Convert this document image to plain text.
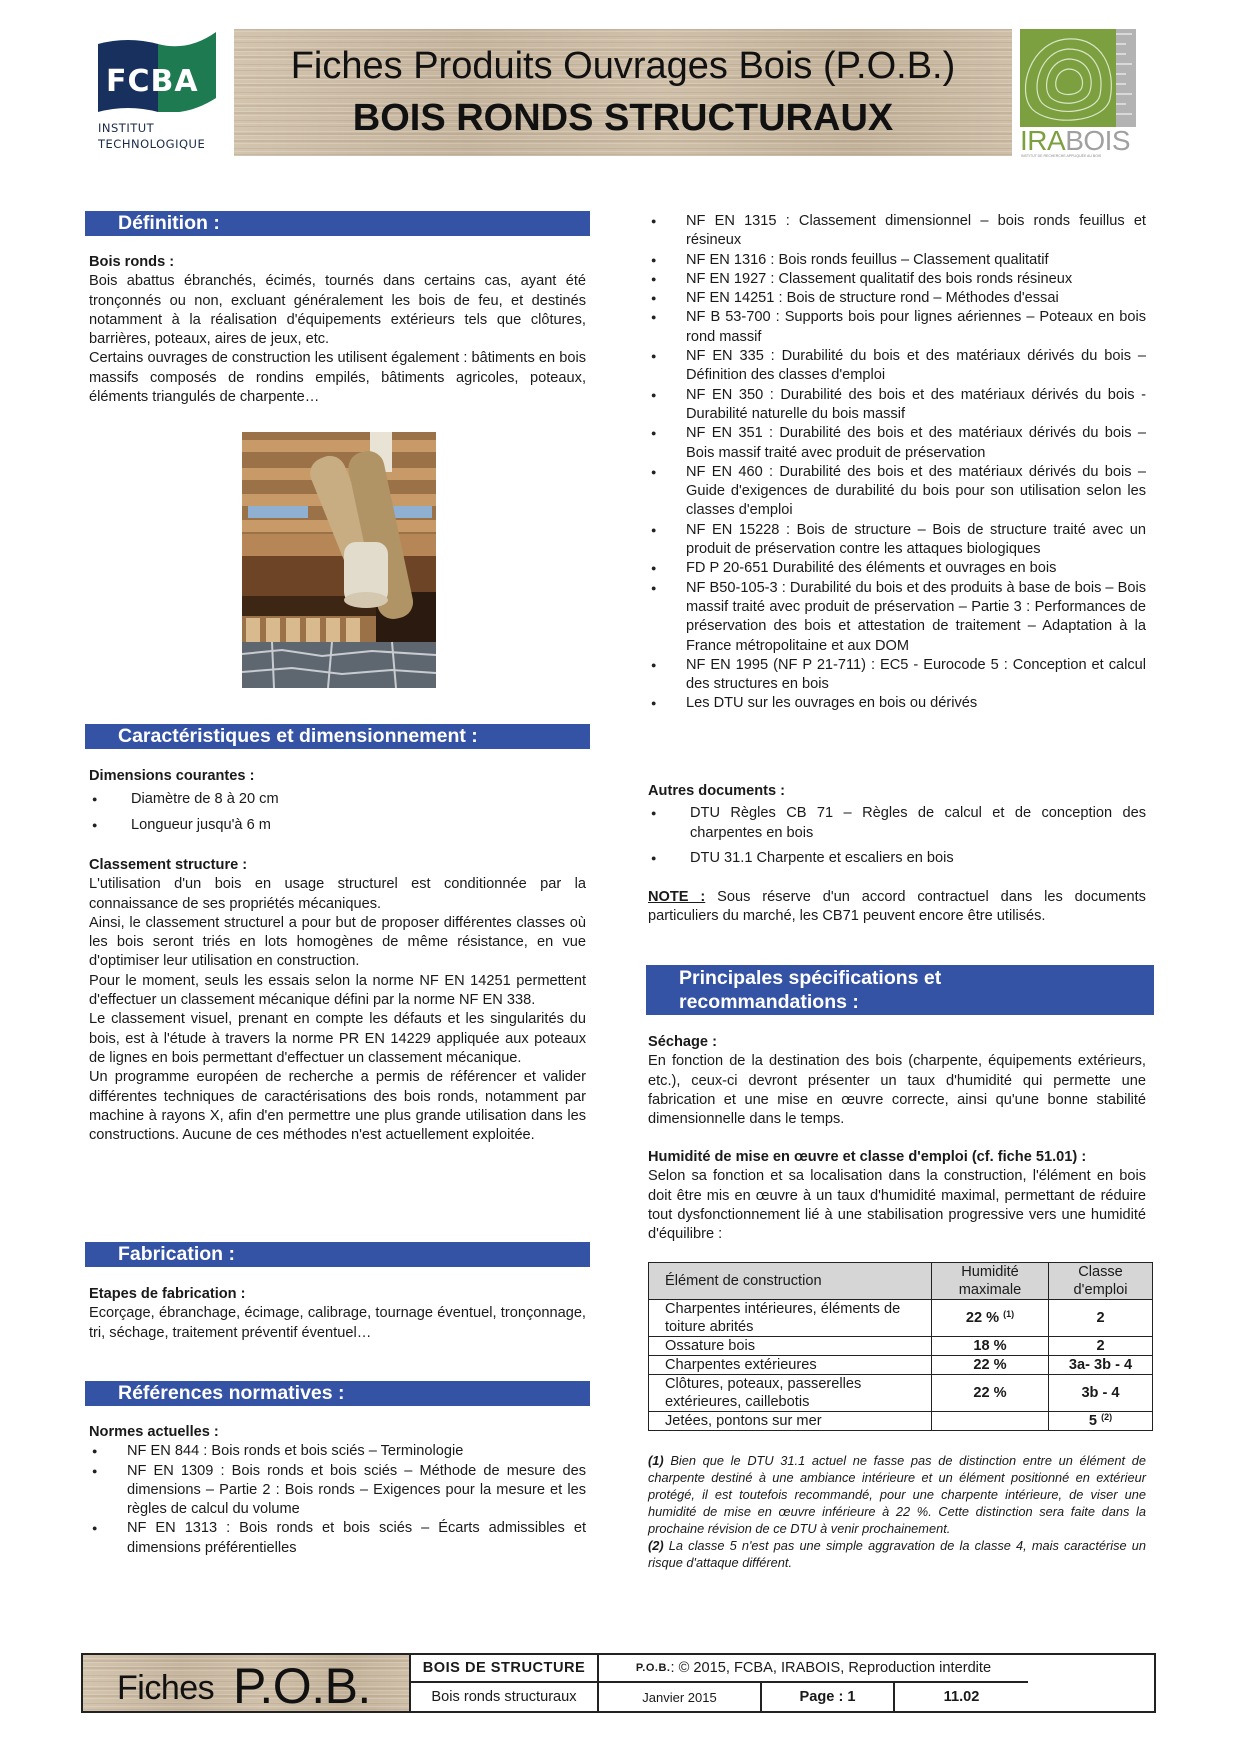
FCBA
INSTITUT
TECHNOLOGIQUE
Fiches Produits Ouvrages Bois (P.O.B.)
BOIS RONDS STRUCTURAUX
IRABOIS
INSTITUT DE RECHERCHE APPLIQUÉE AU BOIS
Définition :
Bois ronds :

Bois abattus ébranchés, écimés, tournés dans certains cas, ayant été tronçonnés ou non, excluant généralement les bois de feu, et destinés notamment à la réalisation d'équipements extérieurs tels que clôtures, barrières, poteaux, aires de jeux, etc.

Certains ouvrages de construction les utilisent également : bâtiments en bois massifs composés de rondins empilés, bâtiments agricoles, poteaux, éléments triangulés de charpente…

Caractéristiques et dimensionnement :
Dimensions courantes :
● Diamètre de 8 à 20 cm
● Longueur jusqu'à 6 m
Classement structure :

L'utilisation d'un bois en usage structurel est conditionnée par la connaissance de ses propriétés mécaniques.

Ainsi, le classement structurel a pour but de proposer différentes classes où les bois seront triés en lots homogènes de même résistance, en vue d'optimiser leur utilisation en construction.

Pour le moment, seuls les essais selon la norme NF EN 14251 permettent d'effectuer un classement mécanique défini par la norme NF EN 338.

Le classement visuel, prenant en compte les défauts et les singularités du bois, est à l'étude à travers la norme PR EN 14229 appliquée aux poteaux de lignes en bois permettant d'effectuer un classement mécanique.

Un programme européen de recherche a permis de référencer et valider différentes techniques de caractérisations des bois ronds, notamment par machine à rayons X, afin d'en permettre une plus grande utilisation dans les constructions. Aucune de ces méthodes n'est actuellement exploitée.

Fabrication :
Etapes de fabrication :

Ecorçage, ébranchage, écimage, calibrage, tournage éventuel, tronçonnage, tri, séchage, traitement préventif éventuel…

Références normatives :
Normes actuelles :
● NF EN 844 : Bois ronds et bois sciés – Terminologie
● NF EN 1309 : Bois ronds et bois sciés – Méthode de mesure des dimensions – Partie 2 : Bois ronds – Exigences pour la mesure et les règles de calcul du volume
● NF EN 1313 : Bois ronds et bois sciés – Écarts admissibles et dimensions préférentielles
● NF EN 1315 : Classement dimensionnel – bois ronds feuillus et résineux
● NF EN 1316 : Bois ronds feuillus – Classement qualitatif
● NF EN 1927 : Classement qualitatif des bois ronds résineux
● NF EN 14251 : Bois de structure rond – Méthodes d'essai
● NF B 53-700 : Supports bois pour lignes aériennes – Poteaux en bois rond massif
● NF EN 335 : Durabilité du bois et des matériaux dérivés du bois – Définition des classes d'emploi
● NF EN 350 : Durabilité des bois et des matériaux dérivés du bois - Durabilité naturelle du bois massif
● NF EN 351 : Durabilité des bois et des matériaux dérivés du bois – Bois massif traité avec produit de préservation
● NF EN 460 : Durabilité des bois et des matériaux dérivés du bois – Guide d'exigences de durabilité du bois pour son utilisation selon les classes d'emploi
● NF EN 15228 : Bois de structure – Bois de structure traité avec un produit de préservation contre les attaques biologiques
● FD P 20-651 Durabilité des éléments et ouvrages en bois
● NF B50-105-3 : Durabilité du bois et des produits à base de bois – Bois massif traité avec produit de préservation – Partie 3 : Performances de préservation des bois et attestation de traitement – Adaptation à la France métropolitaine et aux DOM
● NF EN 1995 (NF P 21-711) : EC5 - Eurocode 5 : Conception et calcul des structures en bois
● Les DTU sur les ouvrages en bois ou dérivés
Autres documents :
● DTU Règles CB 71 – Règles de calcul et de conception des charpentes en bois
● DTU 31.1 Charpente et escaliers en bois
NOTE : Sous réserve d'un accord contractuel dans les documents particuliers du marché, les CB71 peuvent encore être utilisés.
Principales spécifications et
recommandations :
Séchage :

En fonction de la destination des bois (charpente, équipements extérieurs, etc.), ceux-ci devront présenter un taux d'humidité qui permette une fabrication et une mise en œuvre correcte, ainsi qu'une bonne stabilité dimensionnelle dans le temps.

Humidité de mise en œuvre et classe d'emploi (cf. fiche 51.01) :

Selon sa fonction et sa localisation dans la construction, l'élément en bois doit être mis en œuvre à un taux d'humidité maximal, permettant de réduire tout dysfonctionnement lié à une stabilisation progressive vers une humidité d'équilibre :

Élément de construction	Humidité maximale	Classe d'emploi
Charpentes intérieures, éléments de toiture abrités	22 % $^{(1)}$	2
Ossature bois	18 %	2
Charpentes extérieures	22 %	3a- 3b - 4
Clôtures, poteaux, passerelles extérieures, caillebotis	22 %	3b - 4
Jetées, pontons sur mer		5 $^{(2)}$
(1) Bien que le DTU 31.1 actuel ne fasse pas de distinction entre un élément de charpente destiné à une ambiance intérieure et un élément positionné en extérieur protégé, il est toutefois recommandé, pour une charpente intérieure, de viser une humidité de mise en œuvre inférieure à 22 %. Cette distinction sera faite dans la prochaine révision de ce DTU à venir prochainement.
(2) La classe 5 n'est pas une simple aggravation de la classe 4, mais caractérise un risque d'attaque différent.
Fiches P.O.B.	BOIS DE STRUCTURE	P.O.B. : © 2015, FCBA, IRABOIS, Reproduction interdite
Bois ronds structuraux	Janvier 2015	Page : 1	11.02
